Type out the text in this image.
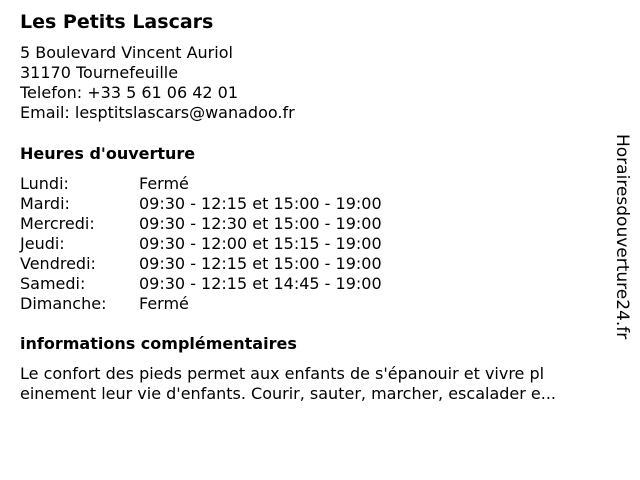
Les Petits Lascars
5 Boulevard Vincent Auriol
31170 Tournefeuille
Telefon: +33 5 61 06 42 01
Email: lesptitslascars@wanadoo.fr
Heures d'ouverture
Lundi:	Fermé
Mardi:	09:30 - 12:15 et 15:00 - 19:00
Mercredi:	09:30 - 12:30 et 15:00 - 19:00
Jeudi:	09:30 - 12:00 et 15:15 - 19:00
Vendredi:	09:30 - 12:15 et 15:00 - 19:00
Samedi:	09:30 - 12:15 et 14:45 - 19:00
Dimanche: Fermé
informations complémentaires
Le confort des pieds permet aux enfants de s'épanouir et vivre pl
einement leur vie d'enfants. Courir, sauter, marcher, escalader e...
Horairesdouverture24.fr
